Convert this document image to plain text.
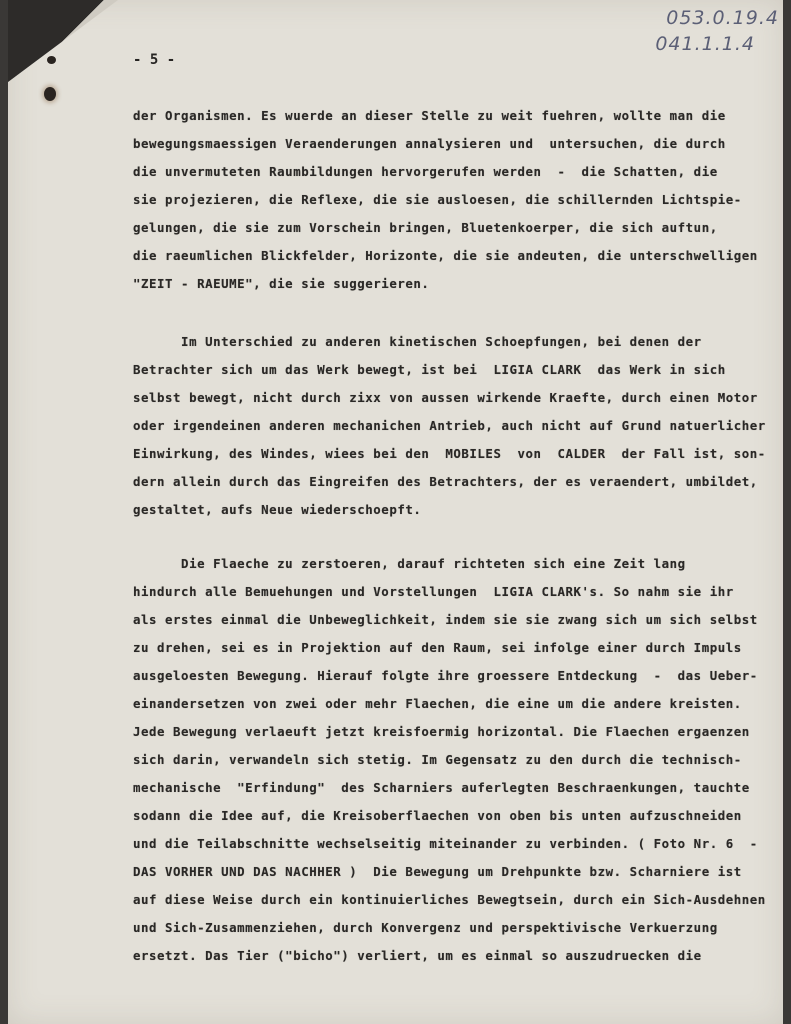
053.0.19.4
041.1.1.4
- 5 -
der Organismen. Es wuerde an dieser Stelle zu weit fuehren, wollte man die
bewegungsmaessigen Veraenderungen annalysieren und  untersuchen, die durch
die unvermuteten Raumbildungen hervorgerufen werden  -  die Schatten, die
sie projezieren, die Reflexe, die sie ausloesen, die schillernden Lichtspie-
gelungen, die sie zum Vorschein bringen, Bluetenkoerper, die sich auftun,
die raeumlichen Blickfelder, Horizonte, die sie andeuten, die unterschwelligen
"ZEIT - RAEUME", die sie suggerieren.
Im Unterschied zu anderen kinetischen Schoepfungen, bei denen der
Betrachter sich um das Werk bewegt, ist bei  LIGIA CLARK  das Werk in sich
selbst bewegt, nicht durch zixx von aussen wirkende Kraefte, durch einen Motor
oder irgendeinen anderen mechanichen Antrieb, auch nicht auf Grund natuerlicher
Einwirkung, des Windes, wiees bei den  MOBILES  von  CALDER  der Fall ist, son-
dern allein durch das Eingreifen des Betrachters, der es veraendert, umbildet,
gestaltet, aufs Neue wiederschoepft.
Die Flaeche zu zerstoeren, darauf richteten sich eine Zeit lang
hindurch alle Bemuehungen und Vorstellungen  LIGIA CLARK's. So nahm sie ihr
als erstes einmal die Unbeweglichkeit, indem sie sie zwang sich um sich selbst
zu drehen, sei es in Projektion auf den Raum, sei infolge einer durch Impuls
ausgeloesten Bewegung. Hierauf folgte ihre groessere Entdeckung  -  das Ueber-
einandersetzen von zwei oder mehr Flaechen, die eine um die andere kreisten.
Jede Bewegung verlaeuft jetzt kreisfoermig horizontal. Die Flaechen ergaenzen
sich darin, verwandeln sich stetig. Im Gegensatz zu den durch die technisch-
mechanische  "Erfindung"  des Scharniers auferlegten Beschraenkungen, tauchte
sodann die Idee auf, die Kreisoberflaechen von oben bis unten aufzuschneiden
und die Teilabschnitte wechselseitig miteinander zu verbinden. ( Foto Nr. 6  -
DAS VORHER UND DAS NACHHER )  Die Bewegung um Drehpunkte bzw. Scharniere ist
auf diese Weise durch ein kontinuierliches Bewegtsein, durch ein Sich-Ausdehnen
und Sich-Zusammenziehen, durch Konvergenz und perspektivische Verkuerzung
ersetzt. Das Tier ("bicho") verliert, um es einmal so auszudruecken die
